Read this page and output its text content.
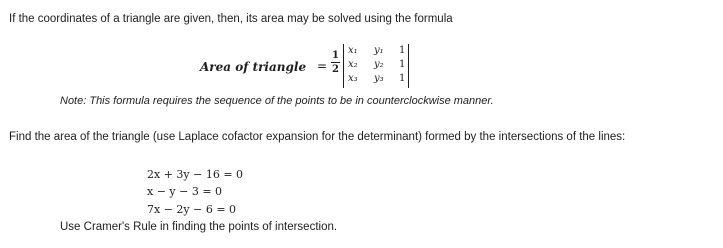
If the coordinates of a triangle are given, then, its area may be solved using the formula
Area of triangle =
1
2
x₁ y₁ 1
x₂ y₂ 1
x₃ y₃ 1
Note: This formula requires the sequence of the points to be in counterclockwise manner.
Find the area of the triangle (use Laplace cofactor expansion for the determinant) formed by the intersections of the lines:
2x + 3y − 16 = 0
x − y − 3 = 0
7x − 2y − 6 = 0
Use Cramer's Rule in finding the points of intersection.
